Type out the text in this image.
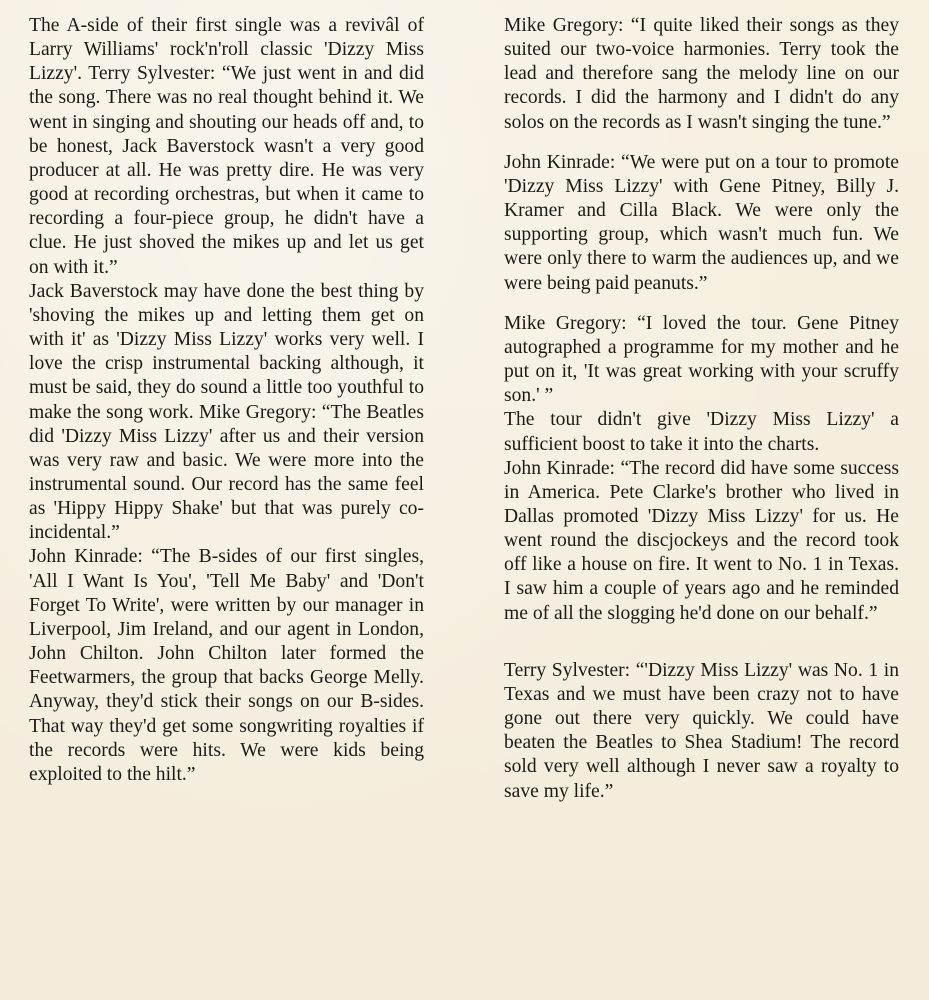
The A-side of their first single was a revivâl of Larry Williams' rock'n'roll classic 'Dizzy Miss Lizzy'. Terry Sylvester: “We just went in and did the song. There was no real thought behind it. We went in singing and shouting our heads off and, to be honest, Jack Baverstock wasn't a very good producer at all. He was pretty dire. He was very good at recording orchestras, but when it came to recording a four-piece group, he didn't have a clue. He just shoved the mikes up and let us get on with it.”

Jack Baverstock may have done the best thing by 'shoving the mikes up and letting them get on with it' as 'Dizzy Miss Lizzy' works very well. I love the crisp instrumental backing although, it must be said, they do sound a little too youthful to make the song work. Mike Gregory: “The Beatles did 'Dizzy Miss Lizzy' after us and their version was very raw and basic. We were more into the instrumental sound. Our record has the same feel as 'Hippy Hippy Shake' but that was purely coincidental.”

John Kinrade: “The B-sides of our first singles, 'All I Want Is You', 'Tell Me Baby' and 'Don't Forget To Write', were written by our manager in Liverpool, Jim Ireland, and our agent in London, John Chilton. John Chilton later formed the Feetwarmers, the group that backs George Melly. Anyway, they'd stick their songs on our B-sides. That way they'd get some songwriting royalties if the records were hits. We were kids being exploited to the hilt.”

Mike Gregory: “I quite liked their songs as they suited our two-voice harmonies. Terry took the lead and therefore sang the melody line on our records. I did the harmony and I didn't do any solos on the records as I wasn't singing the tune.”

John Kinrade: “We were put on a tour to promote 'Dizzy Miss Lizzy' with Gene Pitney, Billy J. Kramer and Cilla Black. We were only the supporting group, which wasn't much fun. We were only there to warm the audiences up, and we were being paid peanuts.”

Mike Gregory: “I loved the tour. Gene Pitney autographed a programme for my mother and he put on it, 'It was great working with your scruffy son.' ”

The tour didn't give 'Dizzy Miss Lizzy' a sufficient boost to take it into the charts.

John Kinrade: “The record did have some success in America. Pete Clarke's brother who lived in Dallas promoted 'Dizzy Miss Lizzy' for us. He went round the discjockeys and the record took off like a house on fire. It went to No. 1 in Texas. I saw him a couple of years ago and he reminded me of all the slogging he'd done on our behalf.”

Terry Sylvester: “'Dizzy Miss Lizzy' was No. 1 in Texas and we must have been crazy not to have gone out there very quickly. We could have beaten the Beatles to Shea Stadium! The record sold very well although I never saw a royalty to save my life.”
